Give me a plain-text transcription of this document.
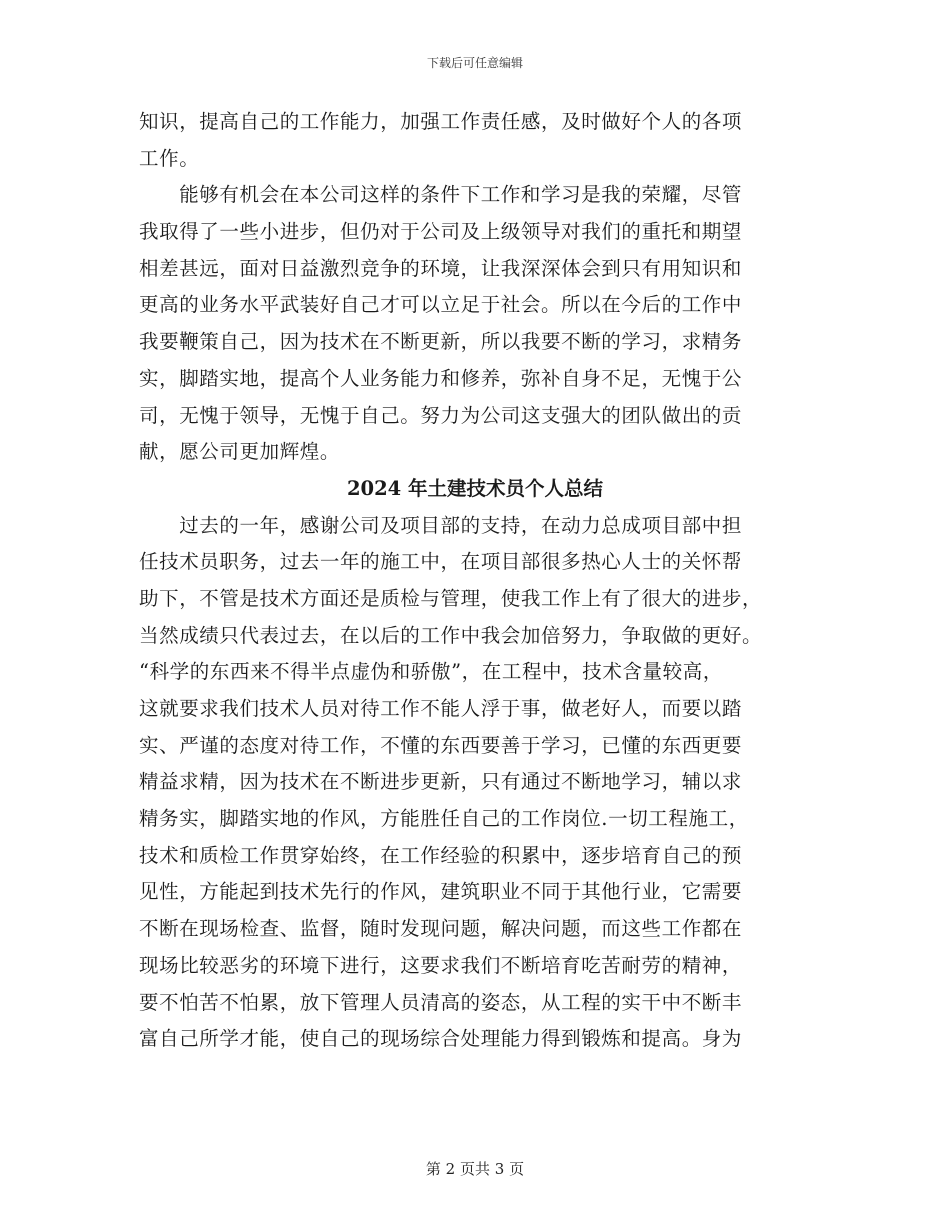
下载后可任意编辑
知识，提高自己的工作能力，加强工作责任感，及时做好个人的各项
工作。
　　能够有机会在本公司这样的条件下工作和学习是我的荣耀，尽管
我取得了一些小进步，但仍对于公司及上级领导对我们的重托和期望
相差甚远，面对日益激烈竞争的环境，让我深深体会到只有用知识和
更高的业务水平武装好自己才可以立足于社会。所以在今后的工作中
我要鞭策自己，因为技术在不断更新，所以我要不断的学习，求精务
实，脚踏实地，提高个人业务能力和修养，弥补自身不足，无愧于公
司，无愧于领导，无愧于自己。努力为公司这支强大的团队做出的贡
献，愿公司更加辉煌。
2024 年土建技术员个人总结
　　过去的一年，感谢公司及项目部的支持，在动力总成项目部中担
任技术员职务，过去一年的施工中，在项目部很多热心人士的关怀帮
助下，不管是技术方面还是质检与管理，使我工作上有了很大的进步，
当然成绩只代表过去，在以后的工作中我会加倍努力，争取做的更好。
“科学的东西来不得半点虚伪和骄傲”，在工程中，技术含量较高，
这就要求我们技术人员对待工作不能人浮于事，做老好人，而要以踏
实、严谨的态度对待工作，不懂的东西要善于学习，已懂的东西更要
精益求精，因为技术在不断进步更新，只有通过不断地学习，辅以求
精务实，脚踏实地的作风，方能胜任自己的工作岗位.一切工程施工，
技术和质检工作贯穿始终，在工作经验的积累中，逐步培育自己的预
见性，方能起到技术先行的作风，建筑职业不同于其他行业，它需要
不断在现场检查、监督，随时发现问题，解决问题，而这些工作都在
现场比较恶劣的环境下进行，这要求我们不断培育吃苦耐劳的精神，
要不怕苦不怕累，放下管理人员清高的姿态，从工程的实干中不断丰
富自己所学才能，使自己的现场综合处理能力得到锻炼和提高。身为
第 2 页共 3 页
